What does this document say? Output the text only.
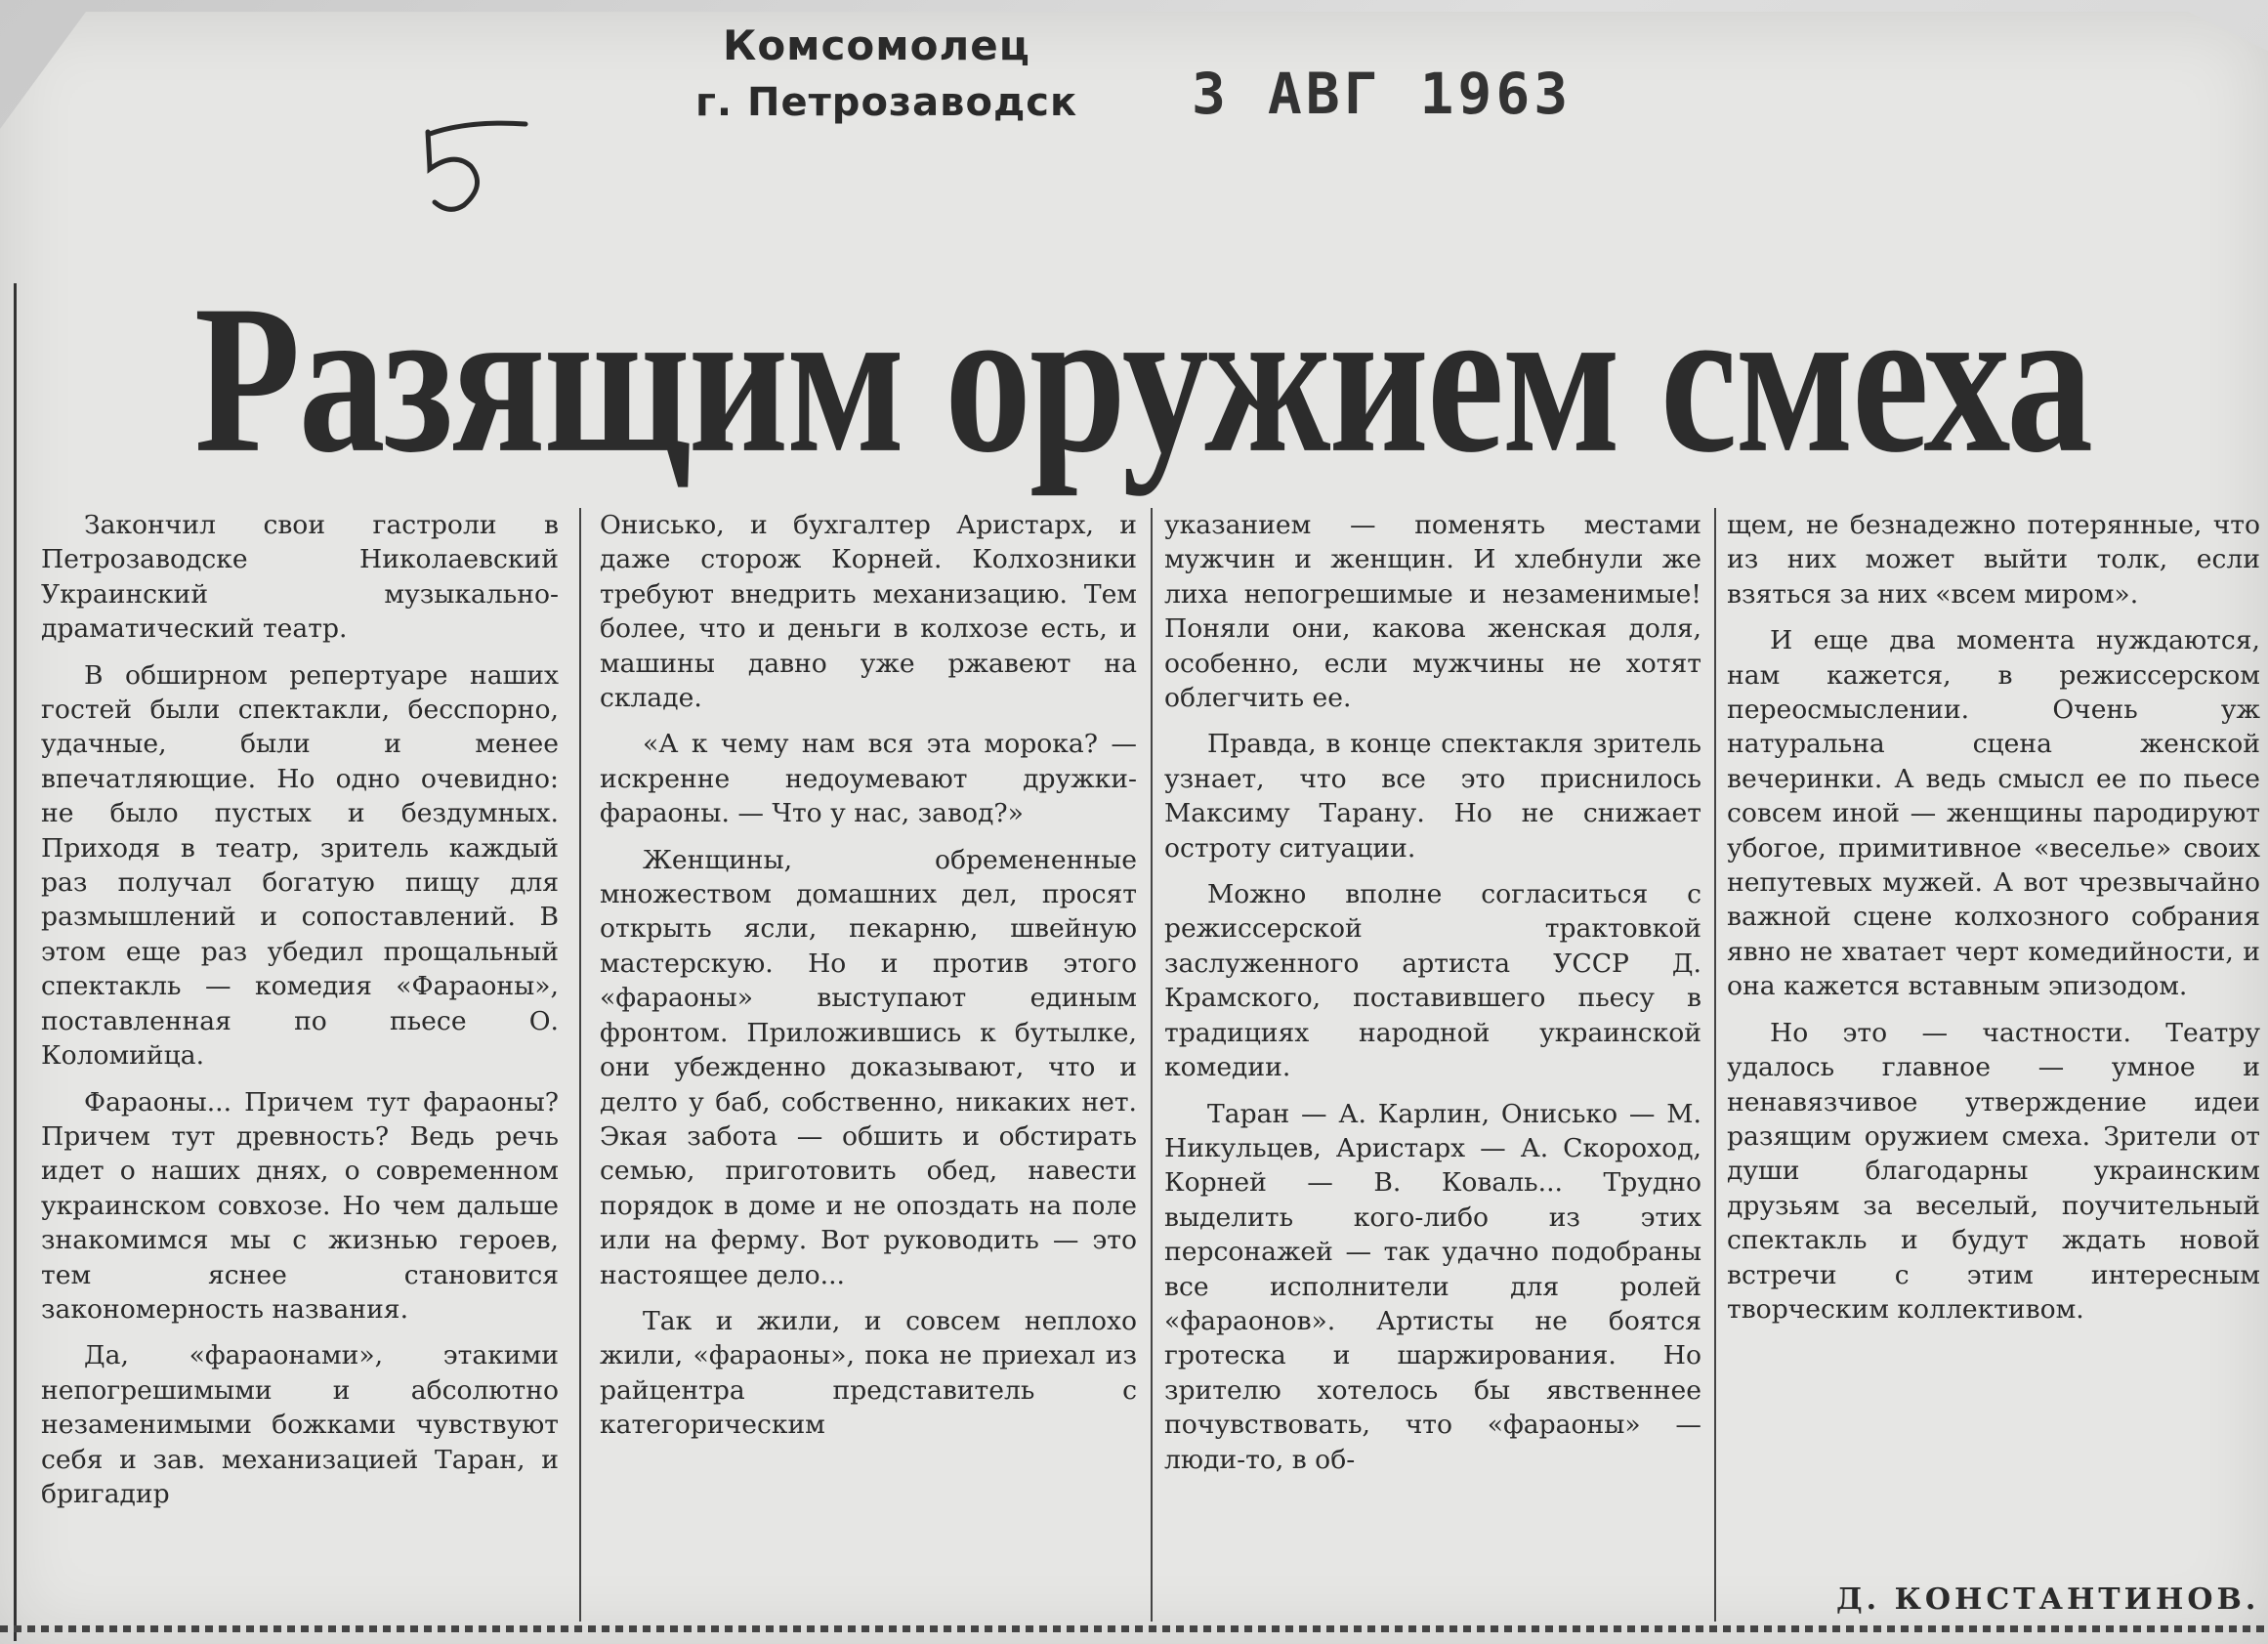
Комсомолец
г. Петрозаводск 3 АВГ 1963
Разящим оружием смеха

Закончил свои гастроли в Петрозаводске Николаевский Украинский музыкально-драматический театр.

В обширном репертуаре наших гостей были спектакли, бесспорно, удачные, были и менее впечатляющие. Но одно очевидно: не было пустых и бездумных. Приходя в театр, зритель каждый раз получал богатую пищу для размышлений и сопоставлений. В этом еще раз убедил прощальный спектакль — комедия «Фараоны», поставленная по пьесе О. Коломийца.

Фараоны... Причем тут фараоны? Причем тут древность? Ведь речь идет о наших днях, о современном украинском совхозе. Но чем дальше знакомимся мы с жизнью героев, тем яснее становится закономерность названия.

Да, «фараонами», этакими непогрешимыми и абсолютно незаменимыми божками чувствуют себя и зав. механизацией Таран, и бригадир

Онисько, и бухгалтер Аристарх, и даже сторож Корней. Колхозники требуют внедрить механизацию. Тем более, что и деньги в колхозе есть, и машины давно уже ржавеют на складе.

«А к чему нам вся эта морока? — искренне недоумевают дружки-фараоны. — Что у нас, завод?»

Женщины, обремененные множеством домашних дел, просят открыть ясли, пекарню, швейную мастерскую. Но и против этого «фараоны» выступают единым фронтом. Приложившись к бутылке, они убежденно доказывают, что и делто у баб, собственно, никаких нет. Экая забота — обшить и обстирать семью, приготовить обед, навести порядок в доме и не опоздать на поле или на ферму. Вот руководить — это настоящее дело...

Так и жили, и совсем неплохо жили, «фараоны», пока не приехал из райцентра представитель с категорическим

указанием — поменять местами мужчин и женщин. И хлебнули же лиха непогрешимые и незаменимые! Поняли они, какова женская доля, особенно, если мужчины не хотят облегчить ее.

Правда, в конце спектакля зритель узнает, что все это приснилось Максиму Тарану. Но не снижает остроту ситуации.

Можно вполне согласиться с режиссерской трактовкой заслуженного артиста УССР Д. Крамского, поставившего пьесу в традициях народной украинской комедии.

Таран — А. Карлин, Онисько — М. Никульцев, Аристарх — А. Скороход, Корней — В. Коваль... Трудно выделить кого-либо из этих персонажей — так удачно подобраны все исполнители для ролей «фараонов». Артисты не боятся гротеска и шаржирования. Но зрителю хотелось бы явственнее почувствовать, что «фараоны» — люди-то, в об-

щем, не безнадежно потерянные, что из них может выйти толк, если взяться за них «всем миром».

И еще два момента нуждаются, нам кажется, в режиссерском переосмыслении. Очень уж натуральна сцена женской вечеринки. А ведь смысл ее по пьесе совсем иной — женщины пародируют убогое, примитивное «веселье» своих непутевых мужей. А вот чрезвычайно важной сцене колхозного собрания явно не хватает черт комедийности, и она кажется вставным эпизодом.

Но это — частности. Театру удалось главное — умное и ненавязчивое утверждение идеи разящим оружием смеха. Зрители от души благодарны украинским друзьям за веселый, поучительный спектакль и будут ждать новой встречи с этим интересным творческим коллективом.

Д. КОНСТАНТИНОВ.
